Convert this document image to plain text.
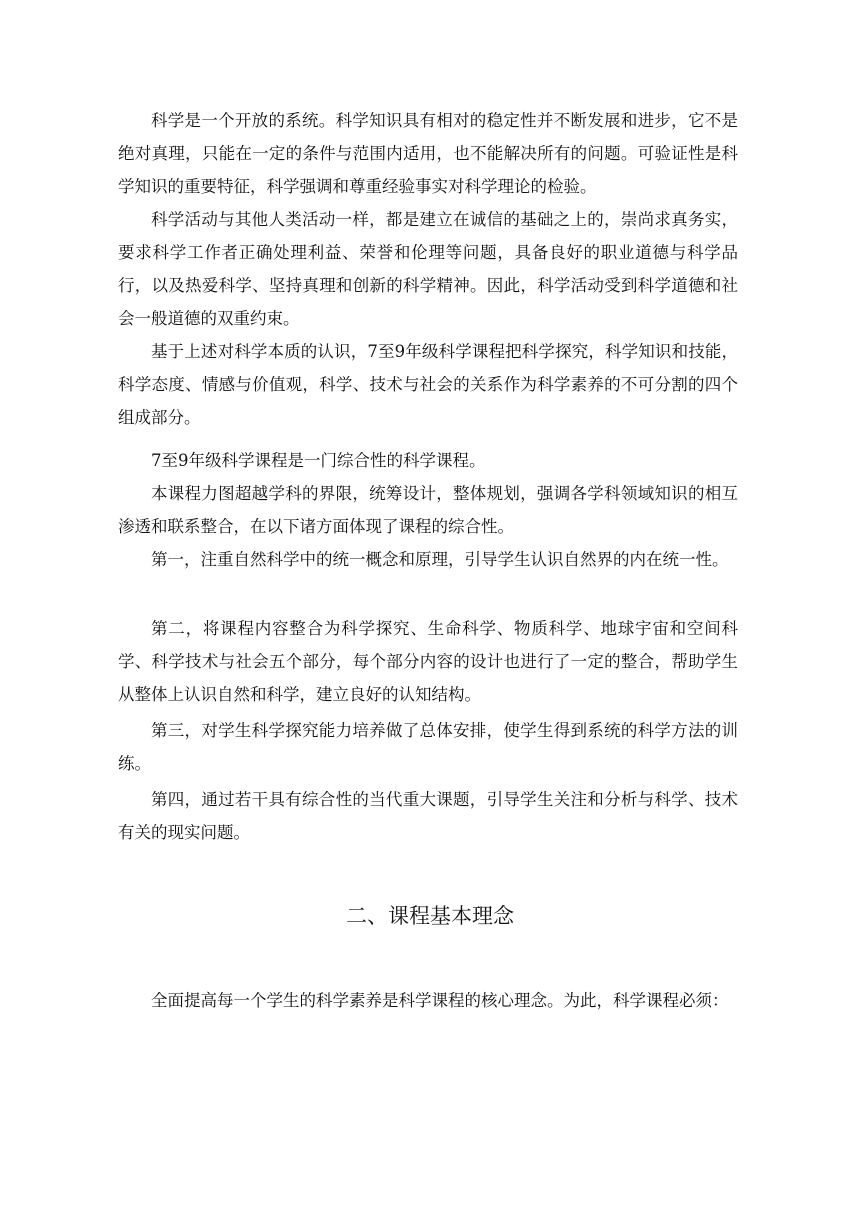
科学是一个开放的系统。科学知识具有相对的稳定性并不断发展和进步，它不是绝对真理，只能在一定的条件与范围内适用，也不能解决所有的问题。可验证性是科学知识的重要特征，科学强调和尊重经验事实对科学理论的检验。

科学活动与其他人类活动一样，都是建立在诚信的基础之上的，崇尚求真务实，要求科学工作者正确处理利益、荣誉和伦理等问题，具备良好的职业道德与科学品行，以及热爱科学、坚持真理和创新的科学精神。因此，科学活动受到科学道德和社会一般道德的双重约束。

基于上述对科学本质的认识，7至9年级科学课程把科学探究，科学知识和技能，科学态度、情感与价值观，科学、技术与社会的关系作为科学素养的不可分割的四个组成部分。

7至9年级科学课程是一门综合性的科学课程。

本课程力图超越学科的界限，统筹设计，整体规划，强调各学科领域知识的相互渗透和联系整合，在以下诸方面体现了课程的综合性。

第一，注重自然科学中的统一概念和原理，引导学生认识自然界的内在统一性。

第二，将课程内容整合为科学探究、生命科学、物质科学、地球宇宙和空间科学、科学技术与社会五个部分，每个部分内容的设计也进行了一定的整合，帮助学生从整体上认识自然和科学，建立良好的认知结构。

第三，对学生科学探究能力培养做了总体安排，使学生得到系统的科学方法的训练。

第四，通过若干具有综合性的当代重大课题，引导学生关注和分析与科学、技术有关的现实问题。

二、课程基本理念

全面提高每一个学生的科学素养是科学课程的核心理念。为此，科学课程必须：
